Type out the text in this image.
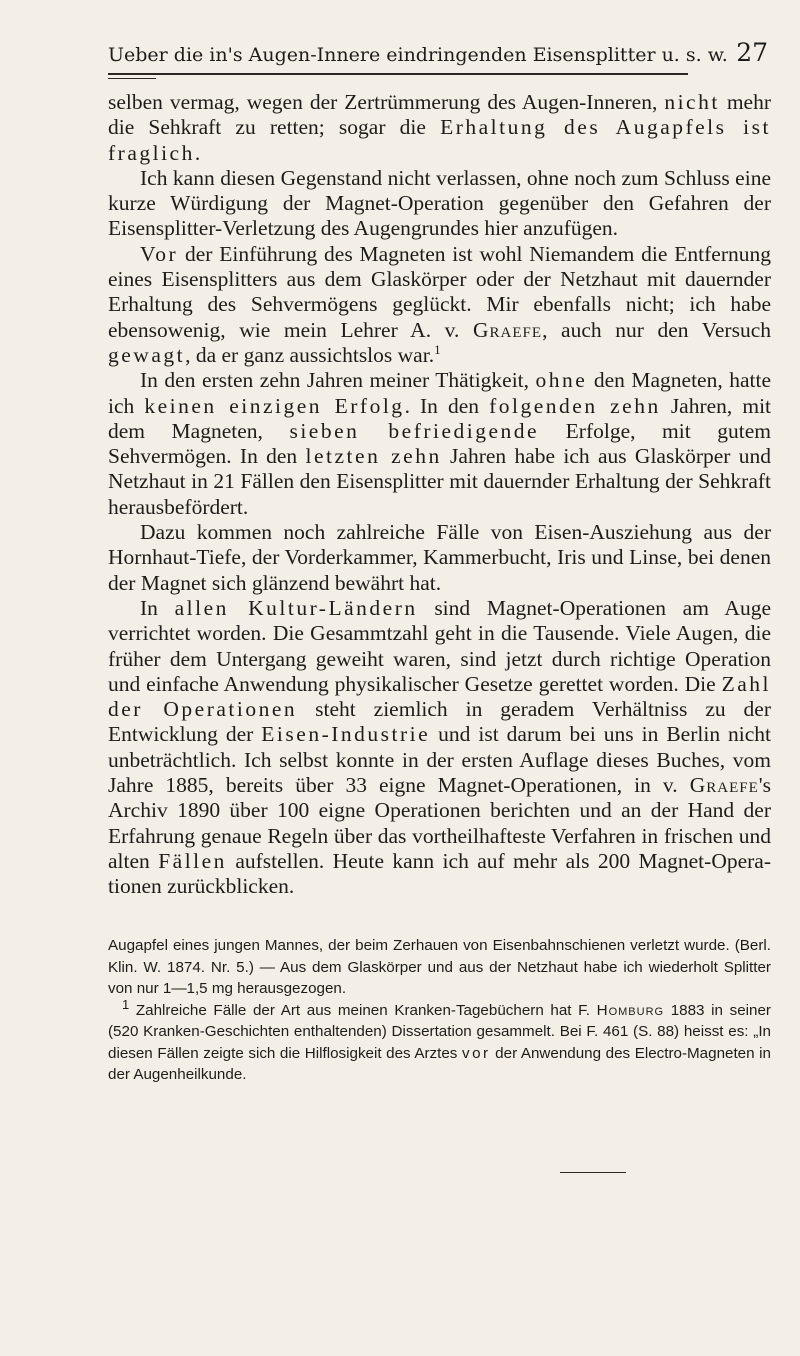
Ueber die in's Augen-Innere eindringenden Eisensplitter u. s. w. 27

selben vermag, wegen der Zertrümmerung des Augen-Inneren, nicht mehr die Sehkraft zu retten; sogar die Erhaltung des Augapfels ist fraglich.

Ich kann diesen Gegenstand nicht verlassen, ohne noch zum Schluss eine kurze Würdigung der Magnet-Operation gegenüber den Gefahren der Eisensplitter-Verletzung des Augengrundes hier anzufügen.

Vor der Einführung des Magneten ist wohl Niemandem die Entfernung eines Eisensplitters aus dem Glaskörper oder der Netzhaut mit dauernder Erhaltung des Sehvermögens geglückt. Mir ebenfalls nicht; ich habe ebensowenig, wie mein Lehrer A. v. Graefe, auch nur den Versuch gewagt, da er ganz aussichtslos war.$^1$

In den ersten zehn Jahren meiner Thätigkeit, ohne den Magneten, hatte ich keinen einzigen Erfolg. In den folgenden zehn Jahren, mit dem Magneten, sieben befriedigende Erfolge, mit gutem Sehvermögen. In den letzten zehn Jahren habe ich aus Glaskörper und Netzhaut in 21 Fällen den Eisensplitter mit dauernder Erhaltung der Sehkraft herausbefördert.

Dazu kommen noch zahlreiche Fälle von Eisen-Ausziehung aus der Hornhaut-Tiefe, der Vorderkammer, Kammerbucht, Iris und Linse, bei denen der Magnet sich glänzend bewährt hat.

In allen Kultur-Ländern sind Magnet-Operationen am Auge verrichtet worden. Die Gesammtzahl geht in die Tausende. Viele Augen, die früher dem Untergang geweiht waren, sind jetzt durch richtige Operation und einfache Anwendung physikalischer Gesetze gerettet worden. Die Zahl der Operationen steht ziemlich in geradem Verhältniss zu der Entwicklung der Eisen-Industrie und ist darum bei uns in Berlin nicht unbeträchtlich. Ich selbst konnte in der ersten Auflage dieses Buches, vom Jahre 1885, bereits über 33 eigne Magnet-Operationen, in v. Graefe's Archiv 1890 über 100 eigne Operationen berichten und an der Hand der Erfahrung genaue Regeln über das vortheilhafteste Verfahren in frischen und alten Fällen aufstellen. Heute kann ich auf mehr als 200 Magnet-Operationen zurückblicken.

Augapfel eines jungen Mannes, der beim Zerhauen von Eisenbahnschienen verletzt wurde. (Berl. Klin. W. 1874. Nr. 5.) — Aus dem Glaskörper und aus der Netzhaut habe ich wiederholt Splitter von nur 1—1,5 mg herausgezogen.

$^1$ Zahlreiche Fälle der Art aus meinen Kranken-Tagebüchern hat F. Homburg 1883 in seiner (520 Kranken-Geschichten enthaltenden) Dissertation gesammelt. Bei F. 461 (S. 88) heisst es: „In diesen Fällen zeigte sich die Hilflosigkeit des Arztes vor der Anwendung des Electro-Magneten in der Augenheilkunde.
